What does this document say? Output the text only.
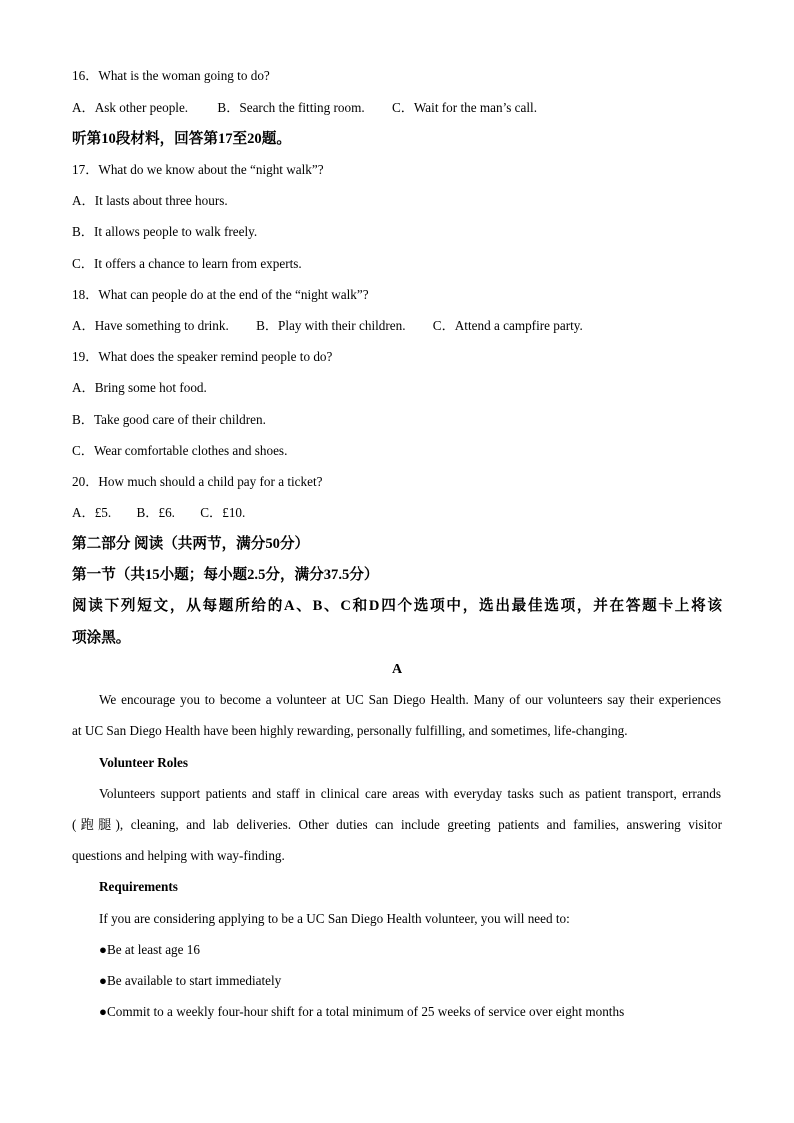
16．What is the woman going to do?
A．Ask other people. B．Search the fitting room. C．Wait for the man’s call.
听第10段材料，回答第17至20题。
17．What do we know about the “night walk”?
A．It lasts about three hours.
B．It allows people to walk freely.
C．It offers a chance to learn from experts.
18．What can people do at the end of the “night walk”?
A．Have something to drink. B．Play with their children. C．Attend a campfire party.
19．What does the speaker remind people to do?
A．Bring some hot food.
B．Take good care of their children.
C．Wear comfortable clothes and shoes.
20．How much should a child pay for a ticket?
A．£5. B．£6. C．£10.
第二部分 阅读（共两节，满分50分）
第一节（共15小题；每小题2.5分，满分37.5分）
阅读下列短文，从每题所给的A、B、C和D四个选项中，选出最佳选项，并在答题卡上将该
项涂黑。
A
We encourage you to become a volunteer at UC San Diego Health. Many of our volunteers say their experiences
at UC San Diego Health have been highly rewarding, personally fulfilling, and sometimes, life-changing.
Volunteer Roles
Volunteers support patients and staff in clinical care areas with everyday tasks such as patient transport, errands
(跑腿), cleaning, and lab deliveries. Other duties can include greeting patients and families, answering visitor
questions and helping with way-finding.
Requirements
If you are considering applying to be a UC San Diego Health volunteer, you will need to:
●Be at least age 16
●Be available to start immediately
●Commit to a weekly four-hour shift for a total minimum of 25 weeks of service over eight months
